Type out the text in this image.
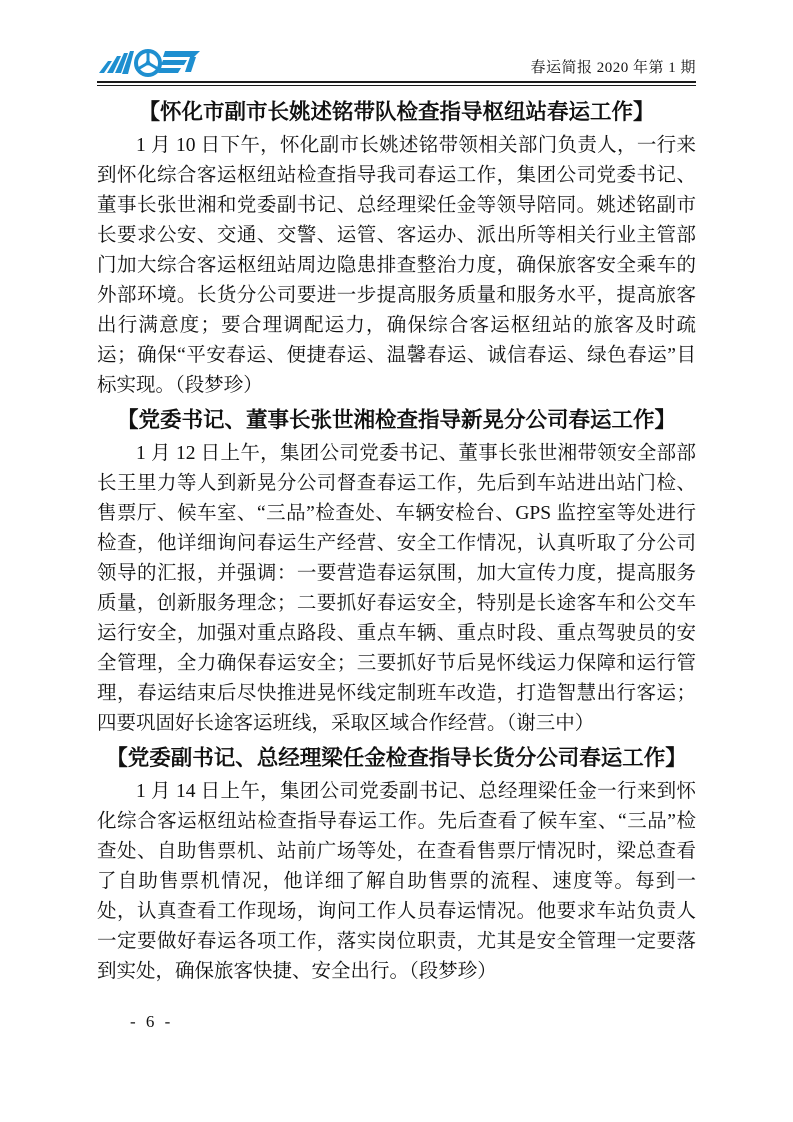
春运简报 2020 年第 1 期
【怀化市副市长姚述铭带队检查指导枢纽站春运工作】

1 月 10 日下午，怀化副市长姚述铭带领相关部门负责人，一行来到怀化综合客运枢纽站检查指导我司春运工作，集团公司党委书记、董事长张世湘和党委副书记、总经理梁任金等领导陪同。姚述铭副市长要求公安、交通、交警、运管、客运办、派出所等相关行业主管部门加大综合客运枢纽站周边隐患排查整治力度，确保旅客安全乘车的外部环境。长货分公司要进一步提高服务质量和服务水平，提高旅客出行满意度；要合理调配运力，确保综合客运枢纽站的旅客及时疏运；确保“平安春运、便捷春运、温馨春运、诚信春运、绿色春运”目标实现。（段梦珍）

【党委书记、董事长张世湘检查指导新晃分公司春运工作】

1 月 12 日上午，集团公司党委书记、董事长张世湘带领安全部部长王里力等人到新晃分公司督查春运工作，先后到车站进出站门检、售票厅、候车室、“三品”检查处、车辆安检台、GPS 监控室等处进行检查，他详细询问春运生产经营、安全工作情况，认真听取了分公司领导的汇报，并强调：一要营造春运氛围，加大宣传力度，提高服务质量，创新服务理念；二要抓好春运安全，特别是长途客车和公交车运行安全，加强对重点路段、重点车辆、重点时段、重点驾驶员的安全管理，全力确保春运安全；三要抓好节后晃怀线运力保障和运行管理，春运结束后尽快推进晃怀线定制班车改造，打造智慧出行客运；四要巩固好长途客运班线，采取区域合作经营。（谢三中）

【党委副书记、总经理梁任金检查指导长货分公司春运工作】

1 月 14 日上午，集团公司党委副书记、总经理梁任金一行来到怀化综合客运枢纽站检查指导春运工作。先后查看了候车室、“三品”检查处、自助售票机、站前广场等处，在查看售票厅情况时，梁总查看了自助售票机情况，他详细了解自助售票的流程、速度等。每到一处，认真查看工作现场，询问工作人员春运情况。他要求车站负责人一定要做好春运各项工作，落实岗位职责，尤其是安全管理一定要落到实处，确保旅客快捷、安全出行。（段梦珍）

- 6 -
